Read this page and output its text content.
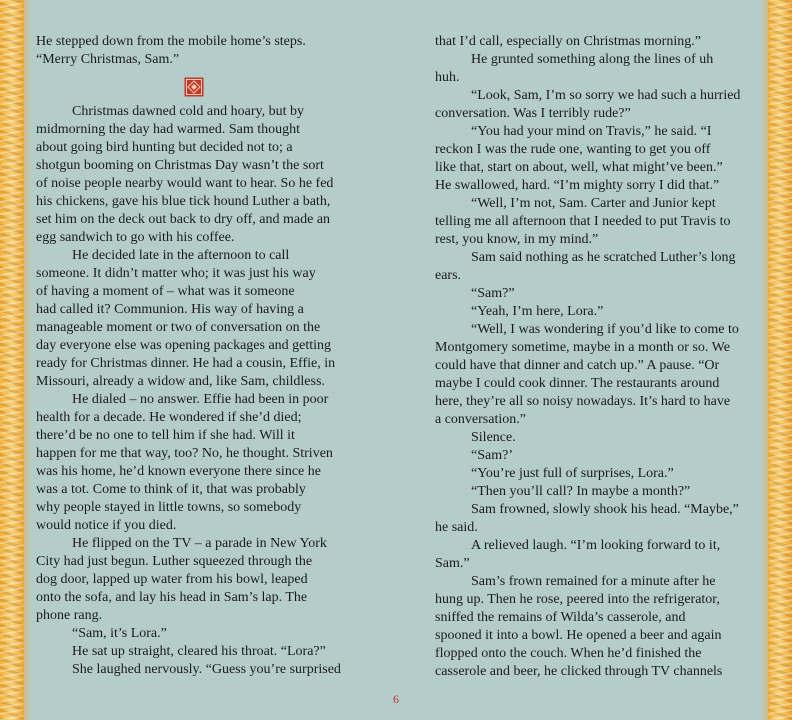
He stepped down from the mobile home’s steps.

“Merry Christmas, Sam.”

Christmas dawned cold and hoary, but by

midmorning the day had warmed. Sam thought

about going bird hunting but decided not to; a

shotgun booming on Christmas Day wasn’t the sort

of noise people nearby would want to hear. So he fed

his chickens, gave his blue tick hound Luther a bath,

set him on the deck out back to dry off, and made an

egg sandwich to go with his coffee.

He decided late in the afternoon to call

someone. It didn’t matter who; it was just his way

of having a moment of – what was it someone

had called it? Communion. His way of having a

manageable moment or two of conversation on the

day everyone else was opening packages and getting

ready for Christmas dinner. He had a cousin, Effie, in

Missouri, already a widow and, like Sam, childless.

He dialed – no answer. Effie had been in poor

health for a decade. He wondered if she’d died;

there’d be no one to tell him if she had. Will it

happen for me that way, too? No, he thought. Striven

was his home, he’d known everyone there since he

was a tot. Come to think of it, that was probably

why people stayed in little towns, so somebody

would notice if you died.

He flipped on the TV – a parade in New York

City had just begun. Luther squeezed through the

dog door, lapped up water from his bowl, leaped

onto the sofa, and lay his head in Sam’s lap. The

phone rang.

“Sam, it’s Lora.”

He sat up straight, cleared his throat. “Lora?”

She laughed nervously. “Guess you’re surprised

that I’d call, especially on Christmas morning.”

He grunted something along the lines of uh

huh.

“Look, Sam, I’m so sorry we had such a hurried

conversation. Was I terribly rude?”

“You had your mind on Travis,” he said. “I

reckon I was the rude one, wanting to get you off

like that, start on about, well, what might’ve been.”

He swallowed, hard. “I’m mighty sorry I did that.”

“Well, I’m not, Sam. Carter and Junior kept

telling me all afternoon that I needed to put Travis to

rest, you know, in my mind.”

Sam said nothing as he scratched Luther’s long

ears.

“Sam?”

“Yeah, I’m here, Lora.”

“Well, I was wondering if you’d like to come to

Montgomery sometime, maybe in a month or so. We

could have that dinner and catch up.” A pause. “Or

maybe I could cook dinner. The restaurants around

here, they’re all so noisy nowadays. It’s hard to have

a conversation.”

Silence.

“Sam?’

“You’re just full of surprises, Lora.”

“Then you’ll call? In maybe a month?”

Sam frowned, slowly shook his head. “Maybe,”

he said.

A relieved laugh. “I’m looking forward to it,

Sam.”

Sam’s frown remained for a minute after he

hung up. Then he rose, peered into the refrigerator,

sniffed the remains of Wilda’s casserole, and

spooned it into a bowl. He opened a beer and again

flopped onto the couch. When he’d finished the

casserole and beer, he clicked through TV channels

6
